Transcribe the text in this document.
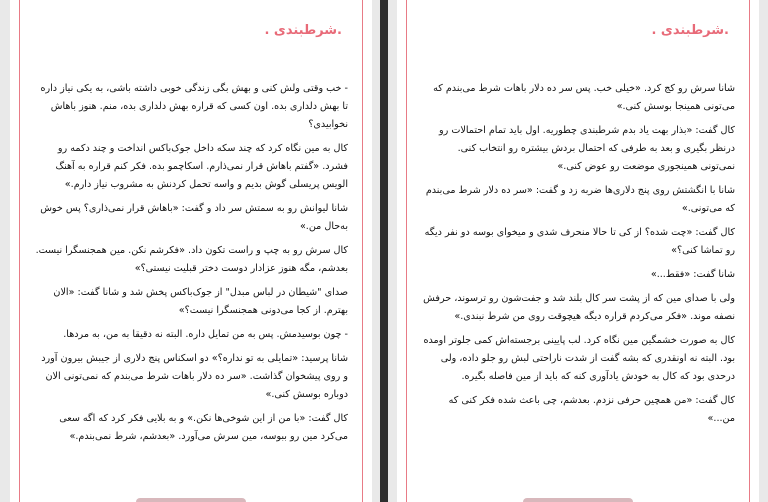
.شرطبندی .

- خب وقتی ولش کنی و بهش بگی زندگی خوبی داشته باشی، به یکی نیاز داره تا بهش دلداری بده. اون کسی که قراره بهش دلداری بده، منم. هنوز باهاش نخوابیدی؟

کال به مین نگاه کرد که چند سکه داخل جوک‌باکس انداخت و چند دکمه رو فشرد. «گفتم باهاش قرار نمی‌ذارم. اسکاچمو بده. فکر کنم قراره به آهنگ الویس پریسلی گوش بدیم و واسه تحمل کردنش به مشروب نیاز دارم.»

شانا لیوانش رو به سمتش سر داد و گفت: «باهاش قرار نمی‌ذاری؟ پس خوش به‌حال من.»

کال سرش رو به چپ و راست تکون داد. «فکرشم نکن. مین همجنسگرا نیست. بعدشم، مگه هنوز عزادار دوست دختر قبلیت نیستی؟»

صدای "شیطان در لباس مبدل" از جوک‌باکس پخش شد و شانا گفت: «الان بهترم. از کجا می‌دونی همجنسگرا نیست؟»

- چون بوسیدمش. پس به من تمایل داره. البته نه دقیقا به من، به مردها.

شانا پرسید: «تمایلی به تو نداره؟» دو اسکناس پنج دلاری از جیبش بیرون آورد و روی پیشخوان گذاشت. «سر ده دلار باهات شرط می‌بندم که نمی‌تونی الان دوباره بوسش کنی.»

کال گفت: «با من از این شوخی‌ها نکن.» و به بلایی فکر کرد که اگه سعی می‌کرد مین رو ببوسه، مین سرش می‌آورد. «بعدشم، شرط نمی‌بندم.»

.شرطبندی .

شانا سرش رو کج کرد. «خیلی خب. پس سر ده دلار باهات شرط می‌بندم که می‌تونی همینجا بوسش کنی.»

کال گفت: «بذار بهت یاد بدم شرطبندی چطوریه. اول باید تمام احتمالات رو درنظر بگیری و بعد به طرفی که احتمال بردش بیشتره رو انتخاب کنی. نمی‌تونی همینجوری موضعت رو عوض کنی.»

شانا با انگشتش روی پنج دلاری‌ها ضربه زد و گفت: «سر ده دلار شرط می‌بندم که می‌تونی.»

کال گفت: «چت شده؟ از کی تا حالا منحرف شدی و میخوای بوسه دو نفر دیگه رو تماشا کنی؟»

شانا گفت: «فقط...»

ولی با صدای مین که از پشت سر کال بلند شد و جفت‌شون رو ترسوند، حرفش نصفه موند. «فکر می‌کردم قراره دیگه هیچوقت روی من شرط نبندی.»

کال به صورت خشمگین مین نگاه کرد. لب پایینی برجسته‌اش کمی جلوتر اومده بود. البته نه اونقدری که بشه گفت از شدت ناراحتی لبش رو جلو داده، ولی درحدی بود که کال به خودش یادآوری کنه که باید از مین فاصله بگیره.

کال گفت: «من همچین حرفی نزدم. بعدشم، چی باعث شده فکر کنی که من...»
